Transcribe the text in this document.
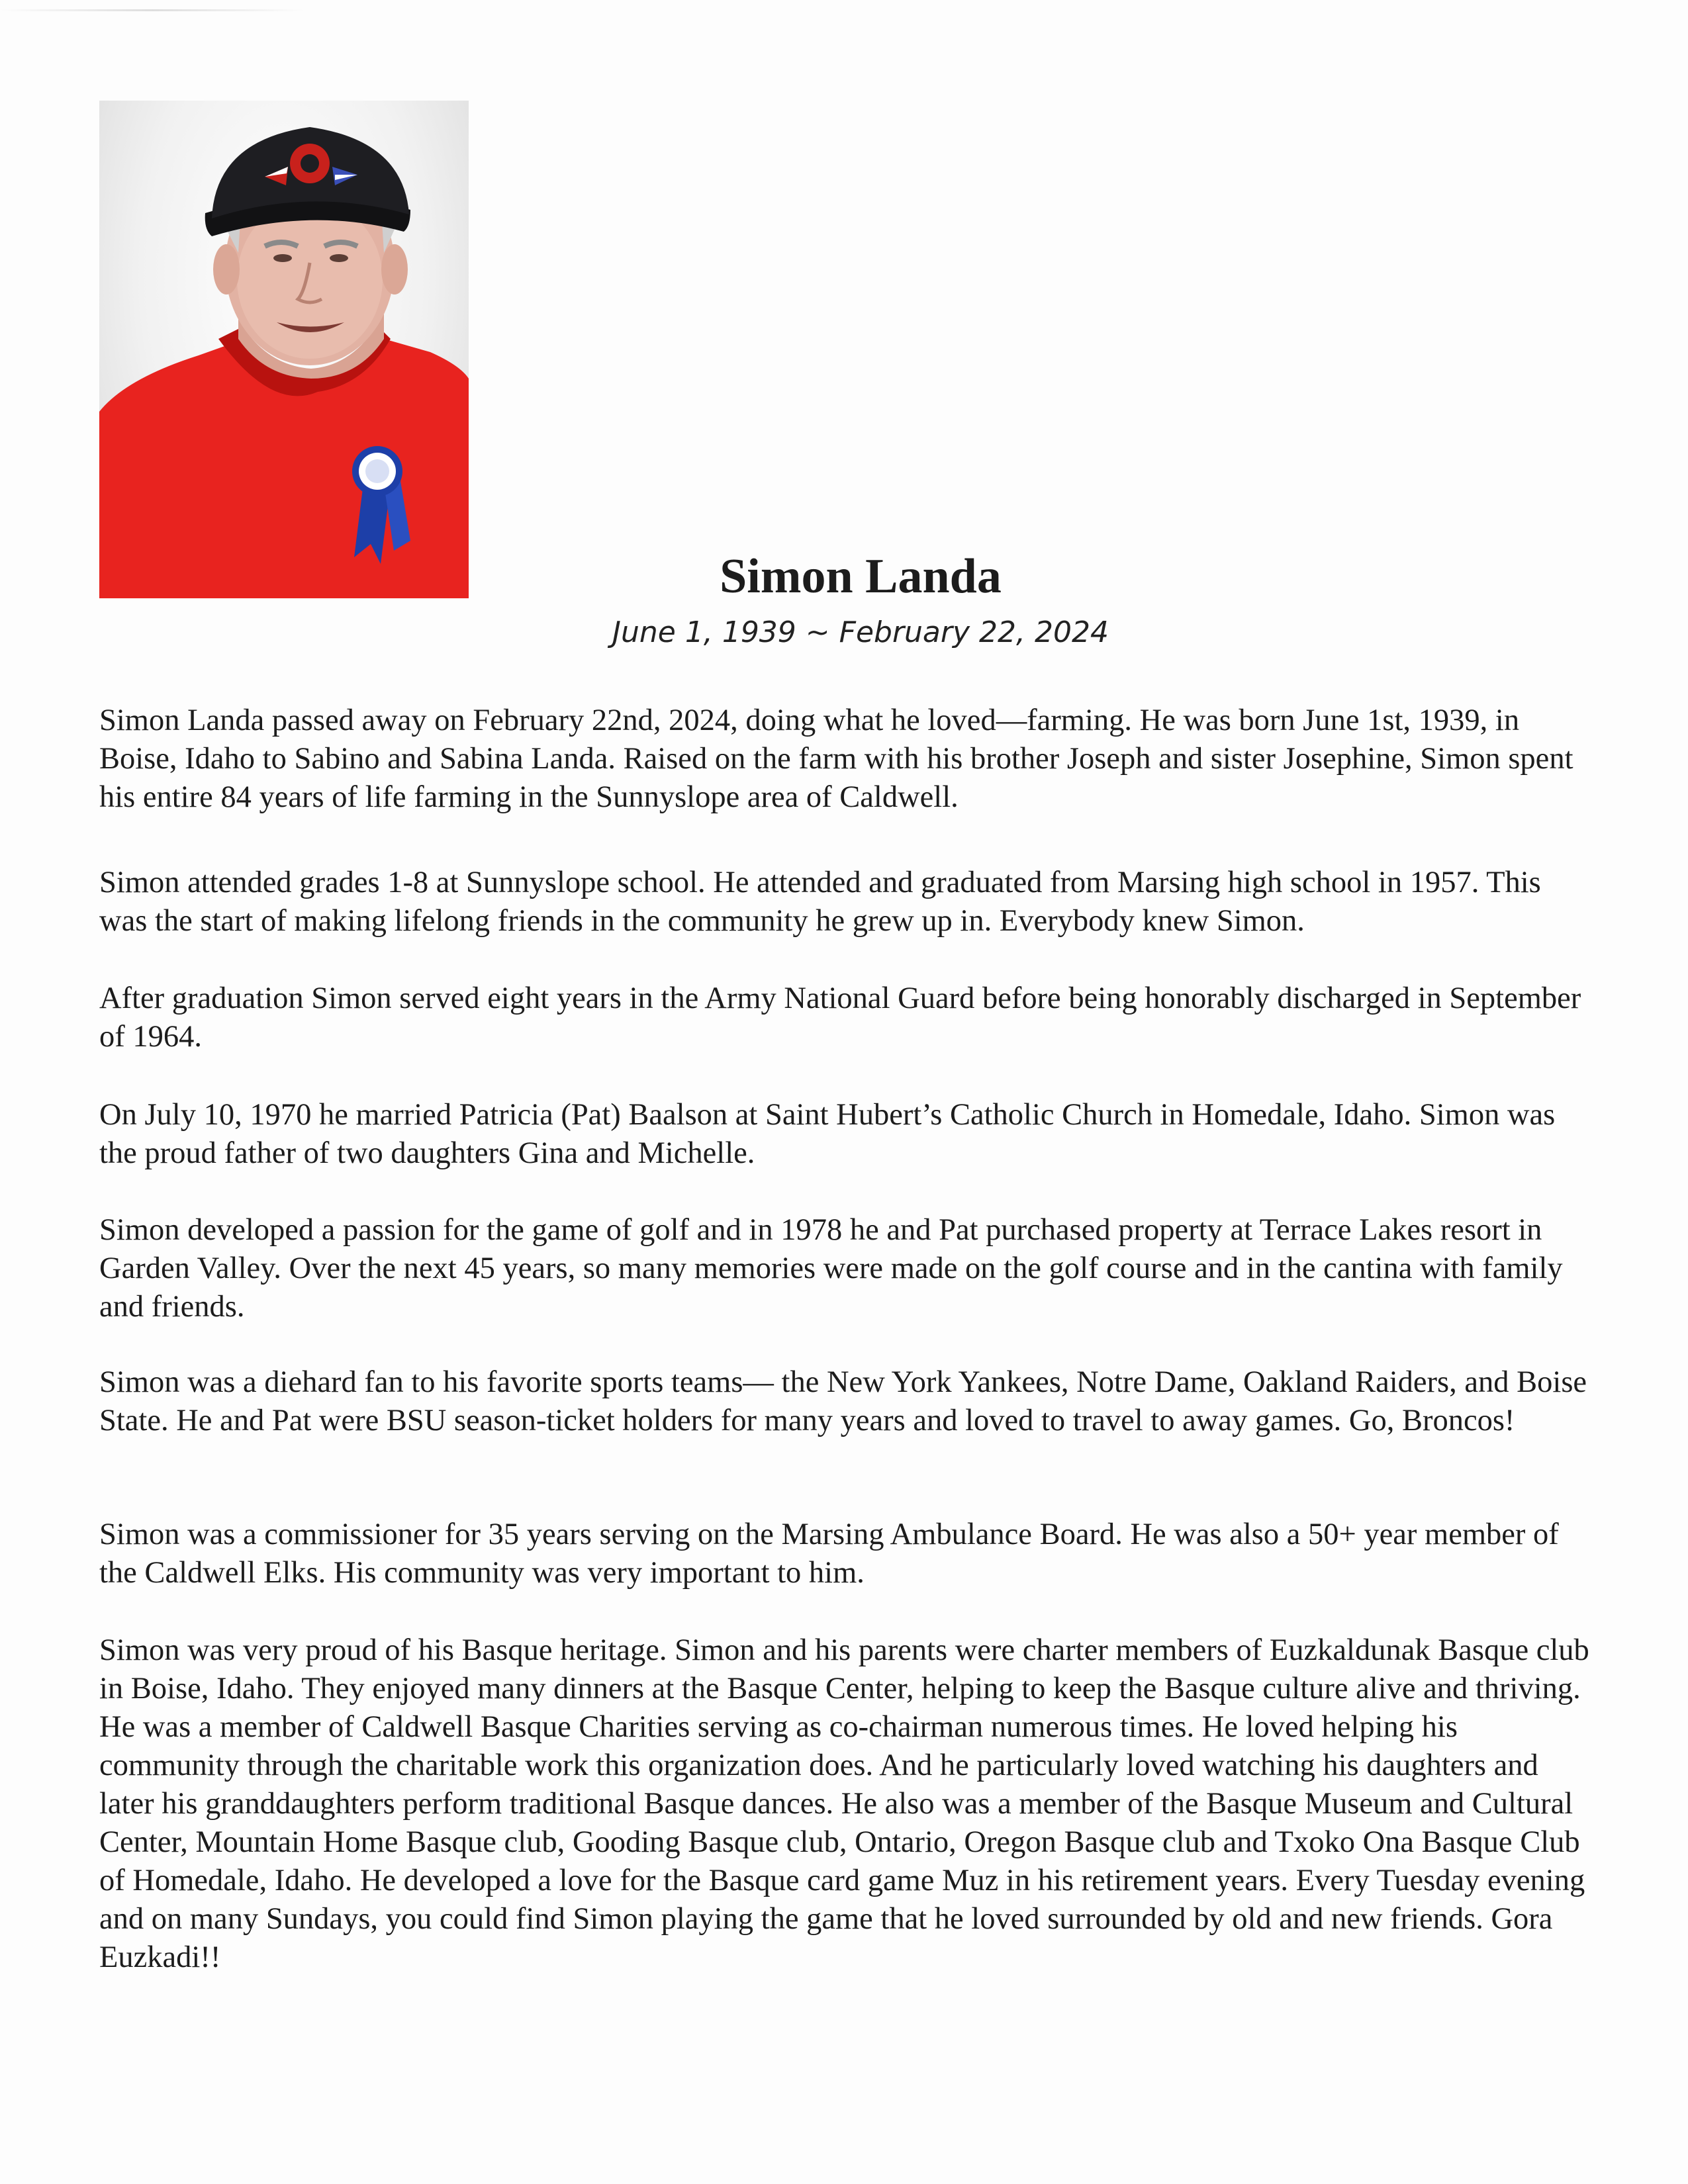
Simon Landa
June 1, 1939 ~ February 22, 2024

Simon Landa passed away on February 22nd, 2024, doing what he loved—farming. He was born June 1st, 1939, in Boise, Idaho to Sabino and Sabina Landa. Raised on the farm with his brother Joseph and sister Josephine, Simon spent his entire 84 years of life farming in the Sunnyslope area of Caldwell.

Simon attended grades 1-8 at Sunnyslope school. He attended and graduated from Marsing high school in 1957. This was the start of making lifelong friends in the community he grew up in. Everybody knew Simon.

After graduation Simon served eight years in the Army National Guard before being honorably discharged in September of 1964.

On July 10, 1970 he married Patricia (Pat) Baalson at Saint Hubert’s Catholic Church in Homedale, Idaho. Simon was the proud father of two daughters Gina and Michelle.

Simon developed a passion for the game of golf and in 1978 he and Pat purchased property at Terrace Lakes resort in Garden Valley. Over the next 45 years, so many memories were made on the golf course and in the cantina with family and friends.

Simon was a diehard fan to his favorite sports teams— the New York Yankees, Notre Dame, Oakland Raiders, and Boise State. He and Pat were BSU season-ticket holders for many years and loved to travel to away games. Go, Broncos!

Simon was a commissioner for 35 years serving on the Marsing Ambulance Board. He was also a 50+ year member of the Caldwell Elks. His community was very important to him.

Simon was very proud of his Basque heritage. Simon and his parents were charter members of Euzkaldunak Basque club in Boise, Idaho. They enjoyed many dinners at the Basque Center, helping to keep the Basque culture alive and thriving. He was a member of Caldwell Basque Charities serving as co-chairman numerous times. He loved helping his community through the charitable work this organization does. And he particularly loved watching his daughters and later his granddaughters perform traditional Basque dances. He also was a member of the Basque Museum and Cultural Center, Mountain Home Basque club, Gooding Basque club, Ontario, Oregon Basque club and Txoko Ona Basque Club of Homedale, Idaho. He developed a love for the Basque card game Muz in his retirement years. Every Tuesday evening and on many Sundays, you could find Simon playing the game that he loved surrounded by old and new friends. Gora Euzkadi!!
